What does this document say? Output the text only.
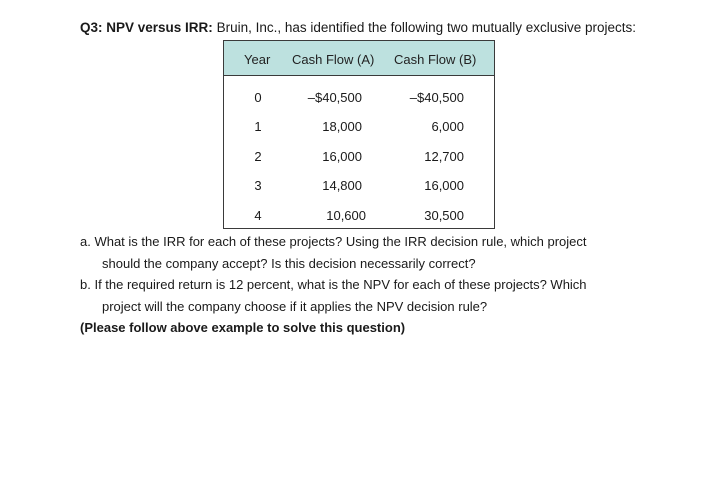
Q3: NPV versus IRR: Bruin, Inc., has identified the following two mutually exclusive projects:
Year Cash Flow (A) Cash Flow (B)
0	–$40,500	–$40,500
1	18,000	6,000
2	16,000	12,700
3	14,800	16,000
4	10,600	30,500
a. What is the IRR for each of these projects? Using the IRR decision rule, which project
should the company accept? Is this decision necessarily correct?
b. If the required return is 12 percent, what is the NPV for each of these projects? Which
project will the company choose if it applies the NPV decision rule?
(Please follow above example to solve this question)
